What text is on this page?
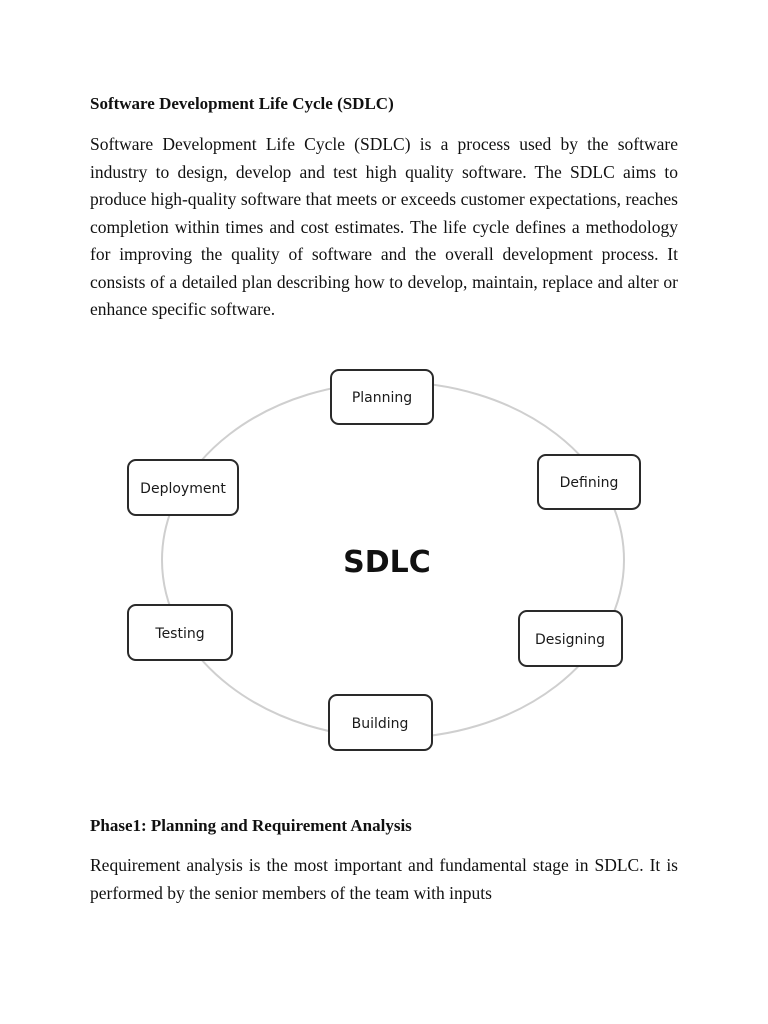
Software Development Life Cycle (SDLC)

Software Development Life Cycle (SDLC) is a process used by the software industry to design, develop and test high quality software. The SDLC aims to produce high-quality software that meets or exceeds customer expectations, reaches completion within times and cost estimates. The life cycle defines a methodology for improving the quality of software and the overall development process. It consists of a detailed plan describing how to develop, maintain, replace and alter or enhance specific software.

Phase1: Planning and Requirement Analysis

Requirement analysis is the most important and fundamental stage in SDLC. It is performed by the senior members of the team with inputs

SDLC
Planning
Defining
Designing
Building
Testing
Deployment
